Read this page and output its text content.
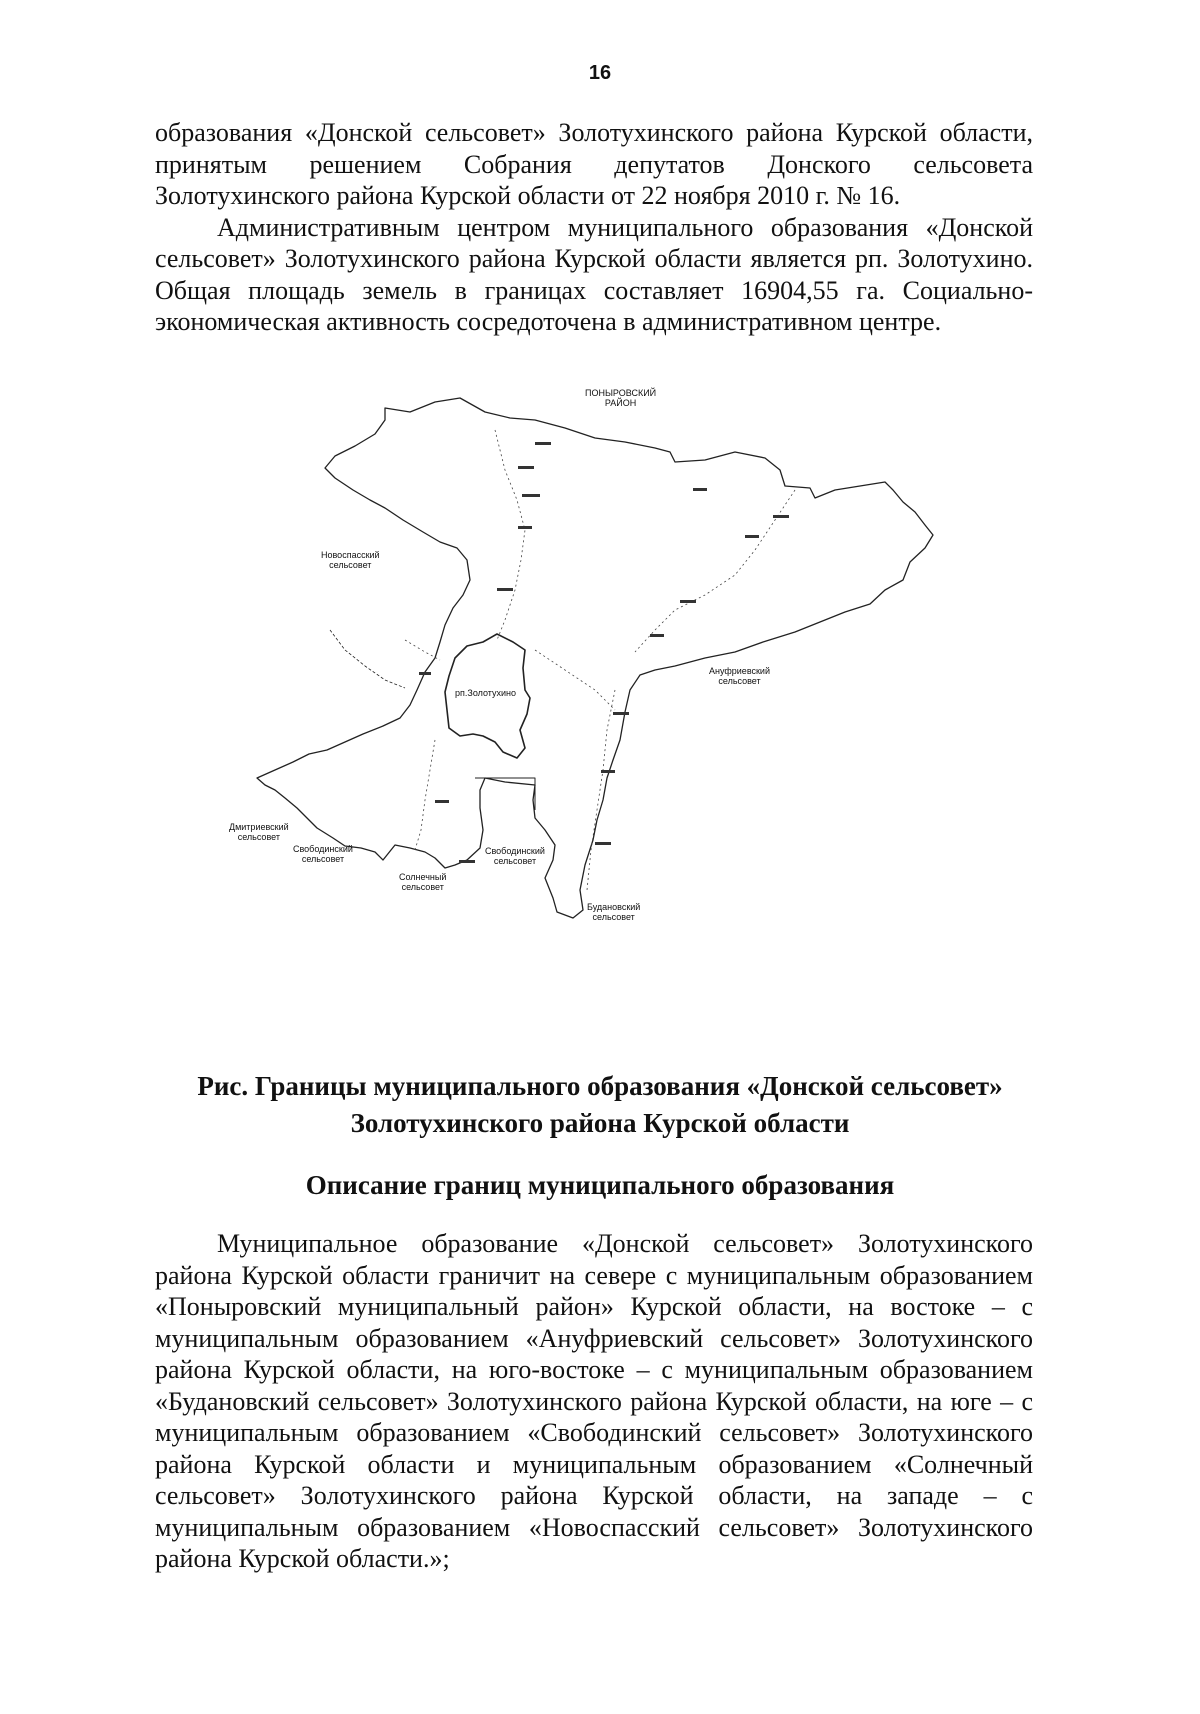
16

образования «Донской сельсовет» Золотухинского района Курской области, принятым решением Собрания депутатов Донского сельсовета Золотухинского района Курской области от 22 ноября 2010 г. № 16.

Административным центром муниципального образования «Донской сельсовет» Золотухинского района Курской области является рп. Золотухино. Общая площадь земель в границах составляет 16904,55 га. Социально-экономическая активность сосредоточена в административном центре.

ПОНЫРОВСКИЙ
РАЙОН
Новоспасский
сельсовет
рп.Золотухино
Ануфриевский
сельсовет
Дмитриевский
сельсовет
Свободинский
сельсовет
Свободинский
сельсовет
Солнечный
сельсовет
Будановский
сельсовет
Рис. Границы муниципального образования «Донской сельсовет»
Золотухинского района Курской области
Описание границ муниципального образования

Муниципальное образование «Донской сельсовет» Золотухинского района Курской области граничит на севере с муниципальным образованием «Поныровский муниципальный район» Курской области, на востоке – с муниципальным образованием «Ануфриевский сельсовет» Золотухинского района Курской области, на юго-востоке – с муниципальным образованием «Будановский сельсовет» Золотухинского района Курской области, на юге – с муниципальным образованием «Свободинский сельсовет» Золотухинского района Курской области и муниципальным образованием «Солнечный сельсовет» Золотухинского района Курской области, на западе – с муниципальным образованием «Новоспасский сельсовет» Золотухинского района Курской области.»;
